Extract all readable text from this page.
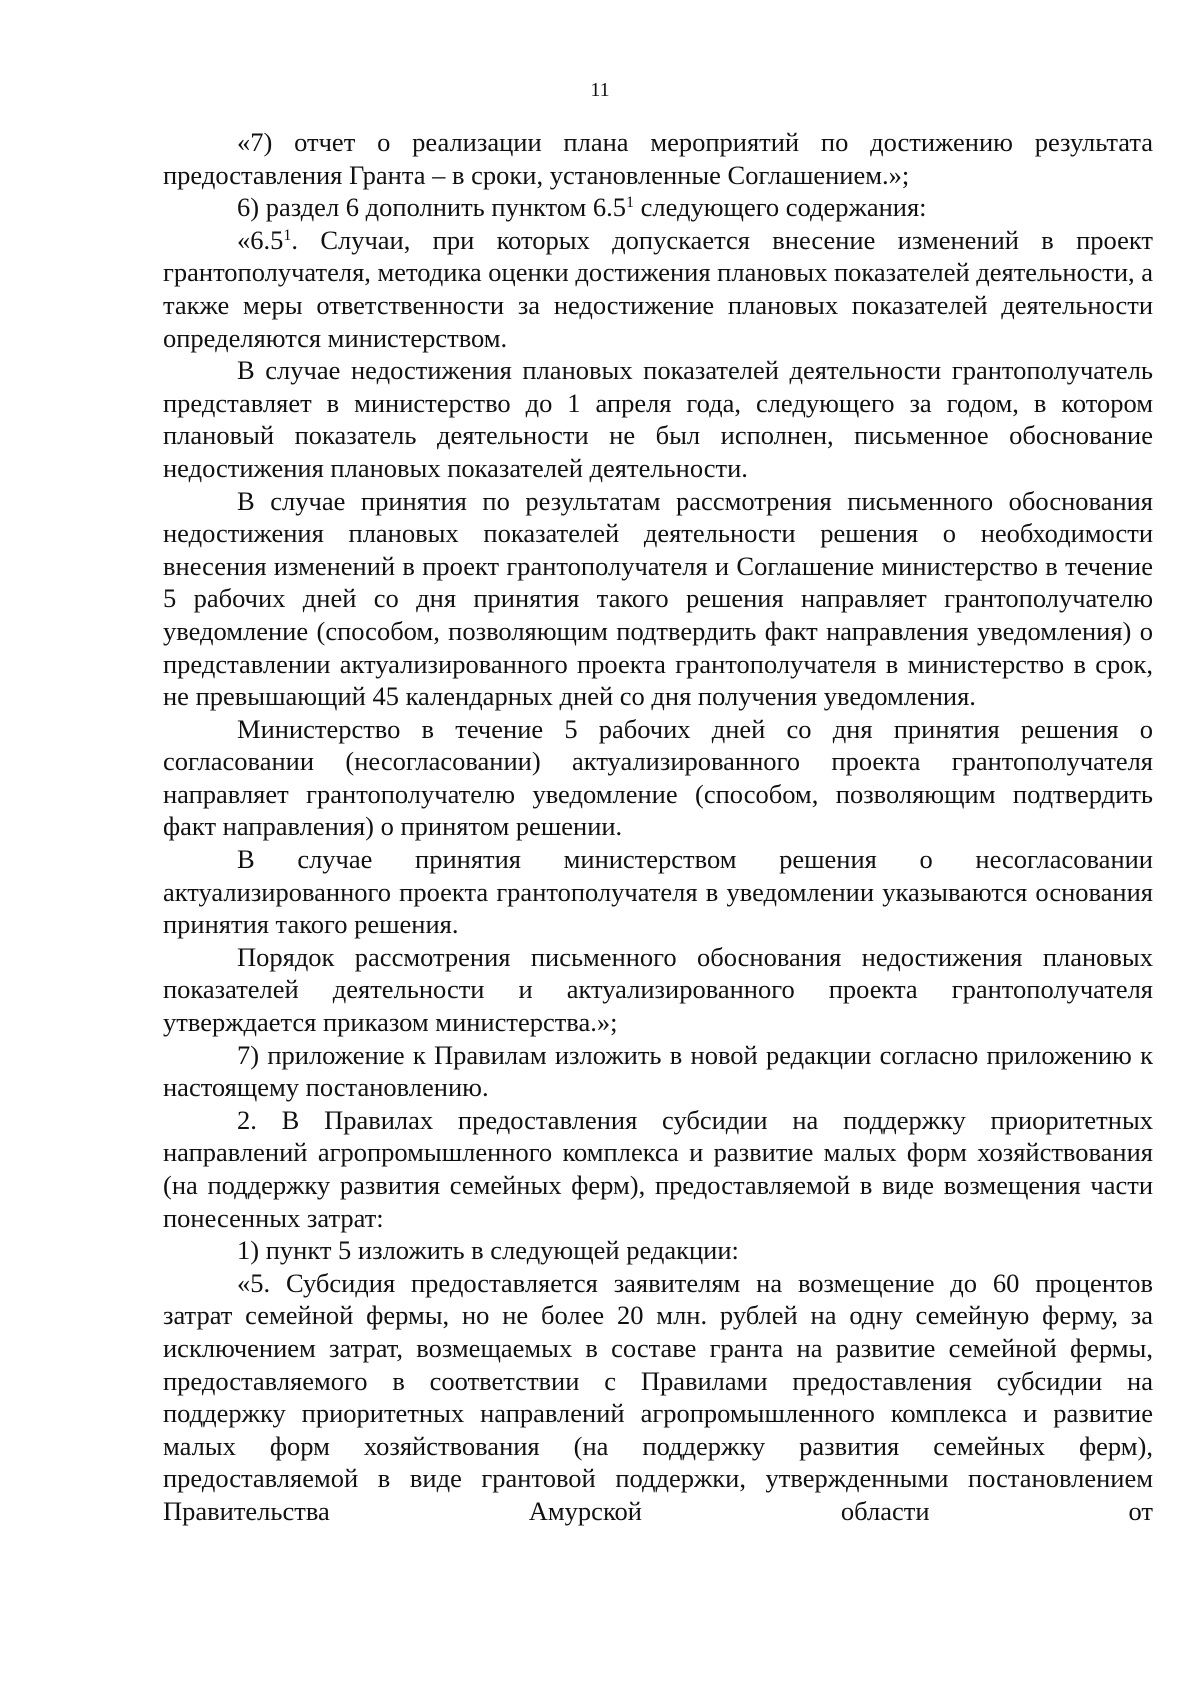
11

«7) отчет о реализации плана мероприятий по достижению результата предоставления Гранта – в сроки, установленные Соглашением.»;

6) раздел 6 дополнить пунктом $6.5^1$ следующего содержания:

«$6.5^1$. Случаи, при которых допускается внесение изменений в проект грантополучателя, методика оценки достижения плановых показателей деятельности, а также меры ответственности за недостижение плановых показателей деятельности определяются министерством.

В случае недостижения плановых показателей деятельности грантополучатель представляет в министерство до 1 апреля года, следующего за годом, в котором плановый показатель деятельности не был исполнен, письменное обоснование недостижения плановых показателей деятельности.

В случае принятия по результатам рассмотрения письменного обоснования недостижения плановых показателей деятельности решения о необходимости внесения изменений в проект грантополучателя и Соглашение министерство в течение 5 рабочих дней со дня принятия такого решения направляет грантополучателю уведомление (способом, позволяющим подтвердить факт направления уведомления) о представлении актуализированного проекта грантополучателя в министерство в срок, не превышающий 45 календарных дней со дня получения уведомления.

Министерство в течение 5 рабочих дней со дня принятия решения о согласовании (несогласовании) актуализированного проекта грантополучателя направляет грантополучателю уведомление (способом, позволяющим подтвердить факт направления) о принятом решении.

В случае принятия министерством решения о несогласовании актуализированного проекта грантополучателя в уведомлении указываются основания принятия такого решения.

Порядок рассмотрения письменного обоснования недостижения плановых показателей деятельности и актуализированного проекта грантополучателя утверждается приказом министерства.»;

7) приложение к Правилам изложить в новой редакции согласно приложению к настоящему постановлению.

2. В Правилах предоставления субсидии на поддержку приоритетных направлений агропромышленного комплекса и развитие малых форм хозяйствования (на поддержку развития семейных ферм), предоставляемой в виде возмещения части понесенных затрат:

1) пункт 5 изложить в следующей редакции:

«5. Субсидия предоставляется заявителям на возмещение до 60 процентов затрат семейной фермы, но не более 20 млн. рублей на одну семейную ферму, за исключением затрат, возмещаемых в составе гранта на развитие семейной фермы, предоставляемого в соответствии с Правилами предоставления субсидии на поддержку приоритетных направлений агропромышленного комплекса и развитие малых форм хозяйствования (на поддержку развития семейных ферм), предоставляемой в виде грантовой поддержки, утвержденными постановлением Правительства Амурской области от
